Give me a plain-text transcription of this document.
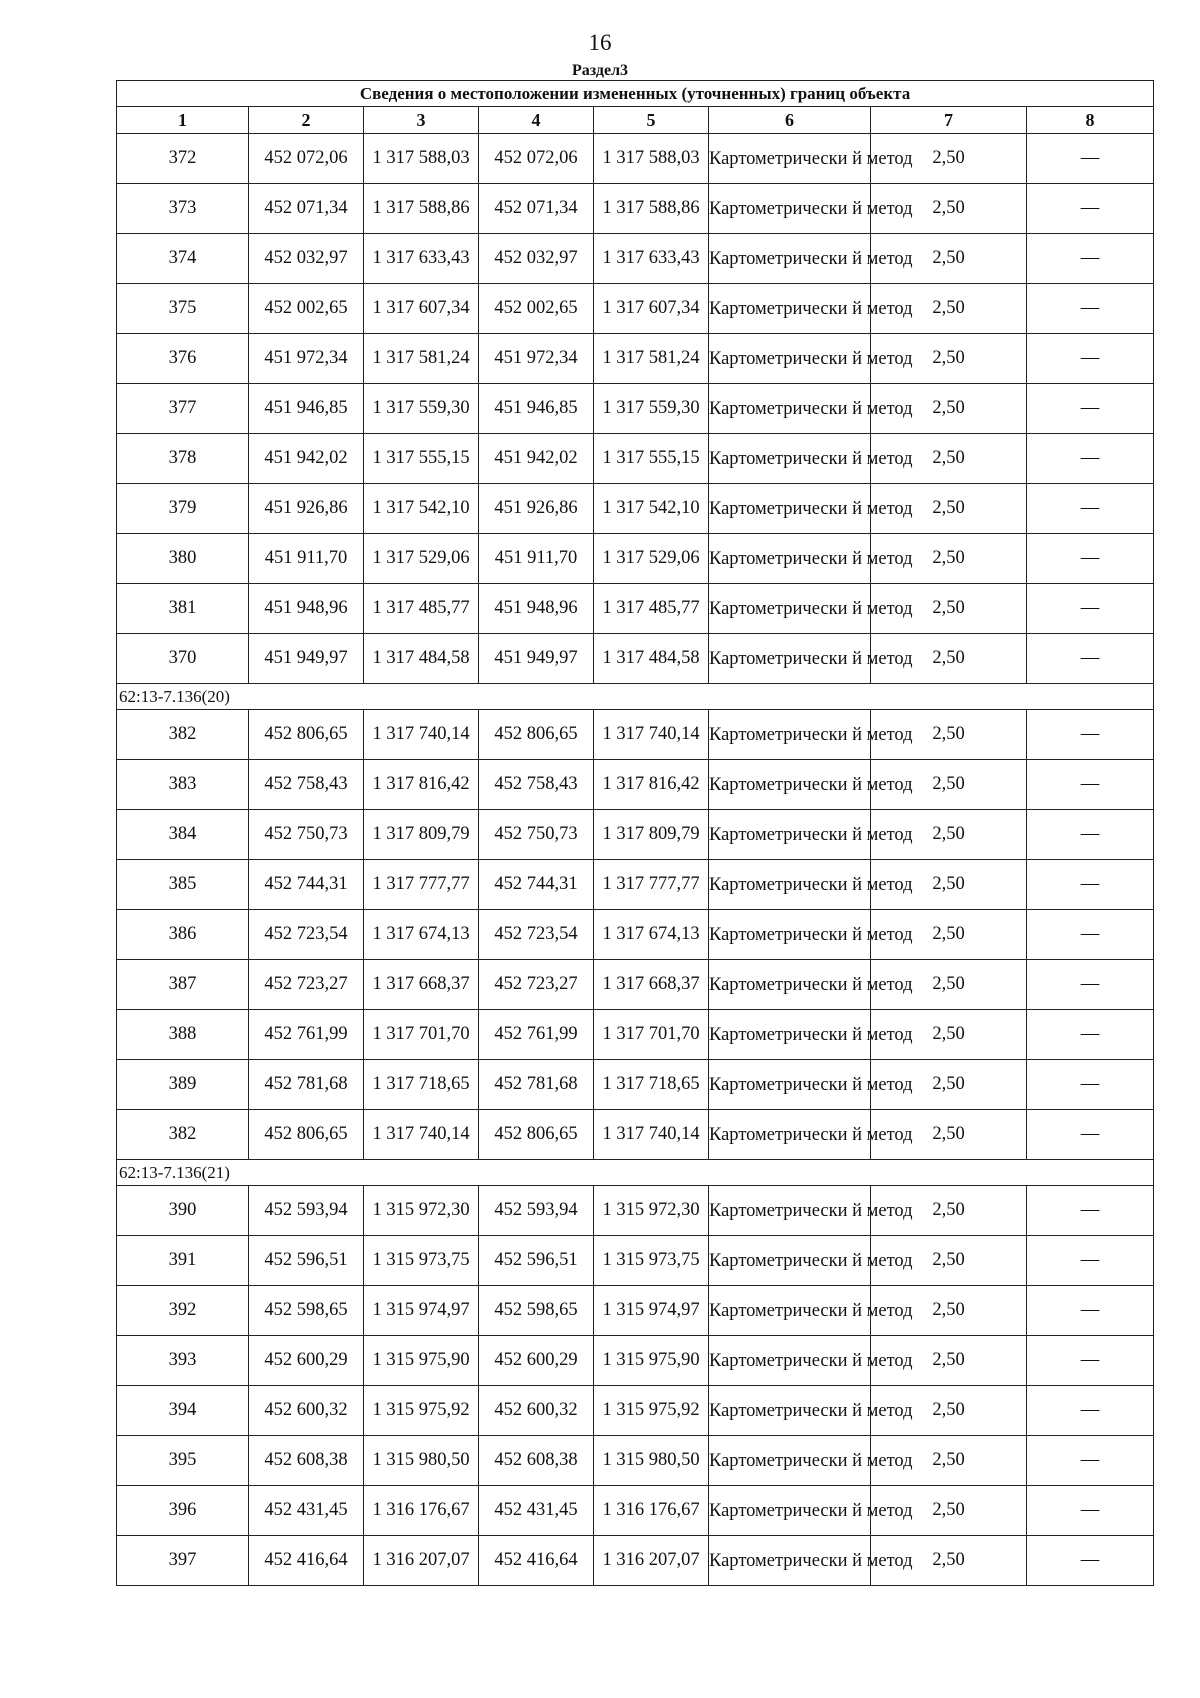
16
Раздел3
Сведения о местоположении измененных (уточненных) границ объекта							
1	2	3	4	5	6	7	8
372	452 072,06	1 317 588,03	452 072,06	1 317 588,03	Картометрически й метод	2,50	—
373	452 071,34	1 317 588,86	452 071,34	1 317 588,86	Картометрически й метод	2,50	—
374	452 032,97	1 317 633,43	452 032,97	1 317 633,43	Картометрически й метод	2,50	—
375	452 002,65	1 317 607,34	452 002,65	1 317 607,34	Картометрически й метод	2,50	—
376	451 972,34	1 317 581,24	451 972,34	1 317 581,24	Картометрически й метод	2,50	—
377	451 946,85	1 317 559,30	451 946,85	1 317 559,30	Картометрически й метод	2,50	—
378	451 942,02	1 317 555,15	451 942,02	1 317 555,15	Картометрически й метод	2,50	—
379	451 926,86	1 317 542,10	451 926,86	1 317 542,10	Картометрически й метод	2,50	—
380	451 911,70	1 317 529,06	451 911,70	1 317 529,06	Картометрически й метод	2,50	—
381	451 948,96	1 317 485,77	451 948,96	1 317 485,77	Картометрически й метод	2,50	—
370	451 949,97	1 317 484,58	451 949,97	1 317 484,58	Картометрически й метод	2,50	—
62:13-7.136(20)							
382	452 806,65	1 317 740,14	452 806,65	1 317 740,14	Картометрически й метод	2,50	—
383	452 758,43	1 317 816,42	452 758,43	1 317 816,42	Картометрически й метод	2,50	—
384	452 750,73	1 317 809,79	452 750,73	1 317 809,79	Картометрически й метод	2,50	—
385	452 744,31	1 317 777,77	452 744,31	1 317 777,77	Картометрически й метод	2,50	—
386	452 723,54	1 317 674,13	452 723,54	1 317 674,13	Картометрически й метод	2,50	—
387	452 723,27	1 317 668,37	452 723,27	1 317 668,37	Картометрически й метод	2,50	—
388	452 761,99	1 317 701,70	452 761,99	1 317 701,70	Картометрически й метод	2,50	—
389	452 781,68	1 317 718,65	452 781,68	1 317 718,65	Картометрически й метод	2,50	—
382	452 806,65	1 317 740,14	452 806,65	1 317 740,14	Картометрически й метод	2,50	—
62:13-7.136(21)							
390	452 593,94	1 315 972,30	452 593,94	1 315 972,30	Картометрически й метод	2,50	—
391	452 596,51	1 315 973,75	452 596,51	1 315 973,75	Картометрически й метод	2,50	—
392	452 598,65	1 315 974,97	452 598,65	1 315 974,97	Картометрически й метод	2,50	—
393	452 600,29	1 315 975,90	452 600,29	1 315 975,90	Картометрически й метод	2,50	—
394	452 600,32	1 315 975,92	452 600,32	1 315 975,92	Картометрически й метод	2,50	—
395	452 608,38	1 315 980,50	452 608,38	1 315 980,50	Картометрически й метод	2,50	—
396	452 431,45	1 316 176,67	452 431,45	1 316 176,67	Картометрически й метод	2,50	—
397	452 416,64	1 316 207,07	452 416,64	1 316 207,07	Картометрически й метод	2,50	—
